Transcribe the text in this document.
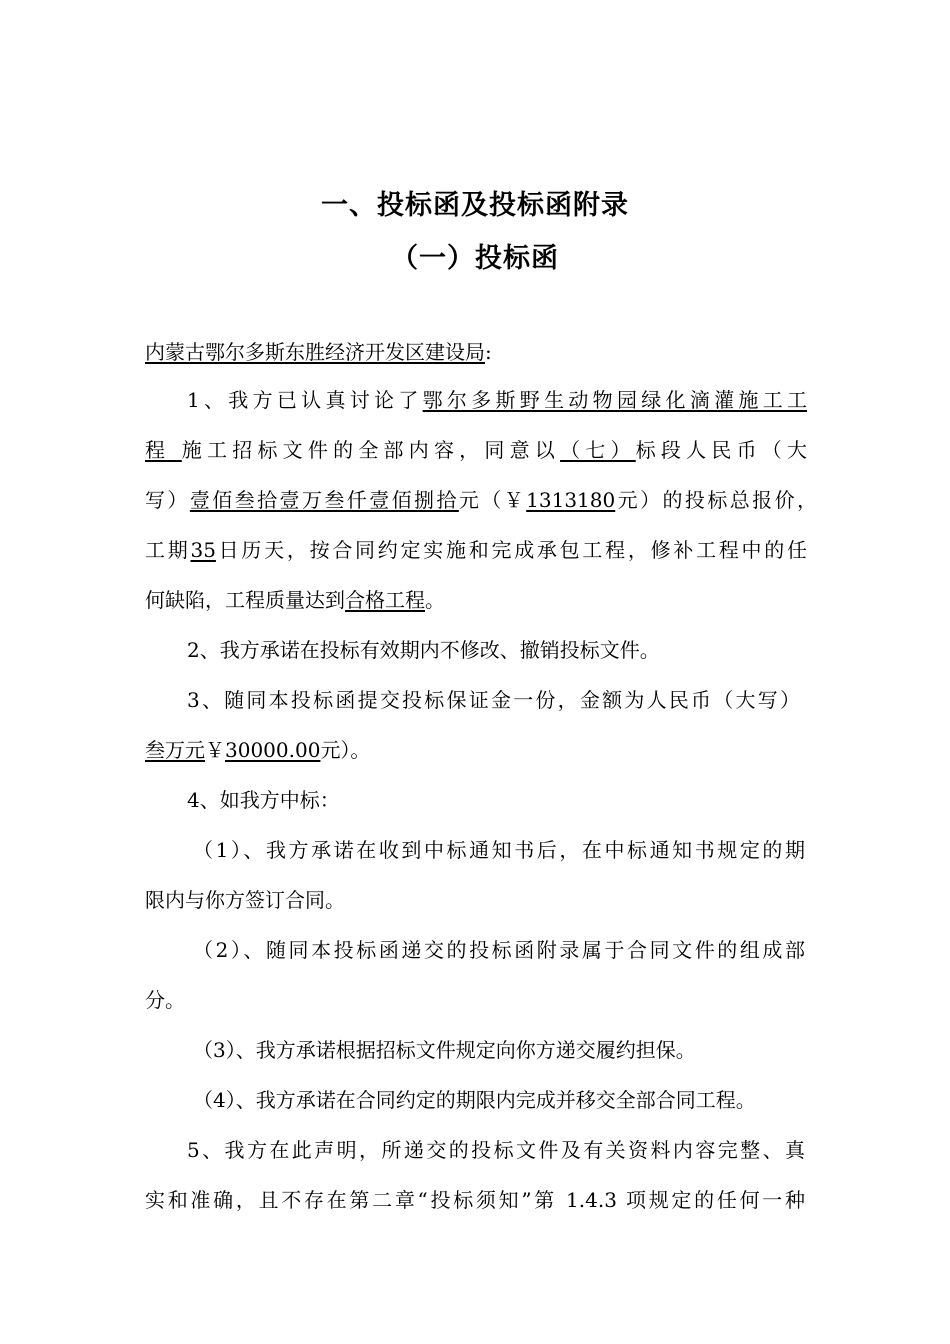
一、投标函及投标函附录
（一）投标函
内蒙古鄂尔多斯东胜经济开发区建设局:
1、我方已认真讨论了鄂尔多斯野生动物园绿化滴灌施工工
程 施工招标文件的全部内容，同意以（七）标段人民币（大
写）壹佰叁拾壹万叁仟壹佰捌拾元（￥1313180元）的投标总报价，
工期35日历天，按合同约定实施和完成承包工程，修补工程中的任
何缺陷，工程质量达到合格工程。
2、我方承诺在投标有效期内不修改、撤销投标文件。
3、随同本投标函提交投标保证金一份，金额为人民币（大写）
叁万元￥30000.00元）。
4、如我方中标：
（1）、我方承诺在收到中标通知书后，在中标通知书规定的期
限内与你方签订合同。
（2）、随同本投标函递交的投标函附录属于合同文件的组成部
分。
（3）、我方承诺根据招标文件规定向你方递交履约担保。
（4）、我方承诺在合同约定的期限内完成并移交全部合同工程。
5、我方在此声明，所递交的投标文件及有关资料内容完整、真
实和准确，且不存在第二章“投标须知”第 1.4.3 项规定的任何一种
